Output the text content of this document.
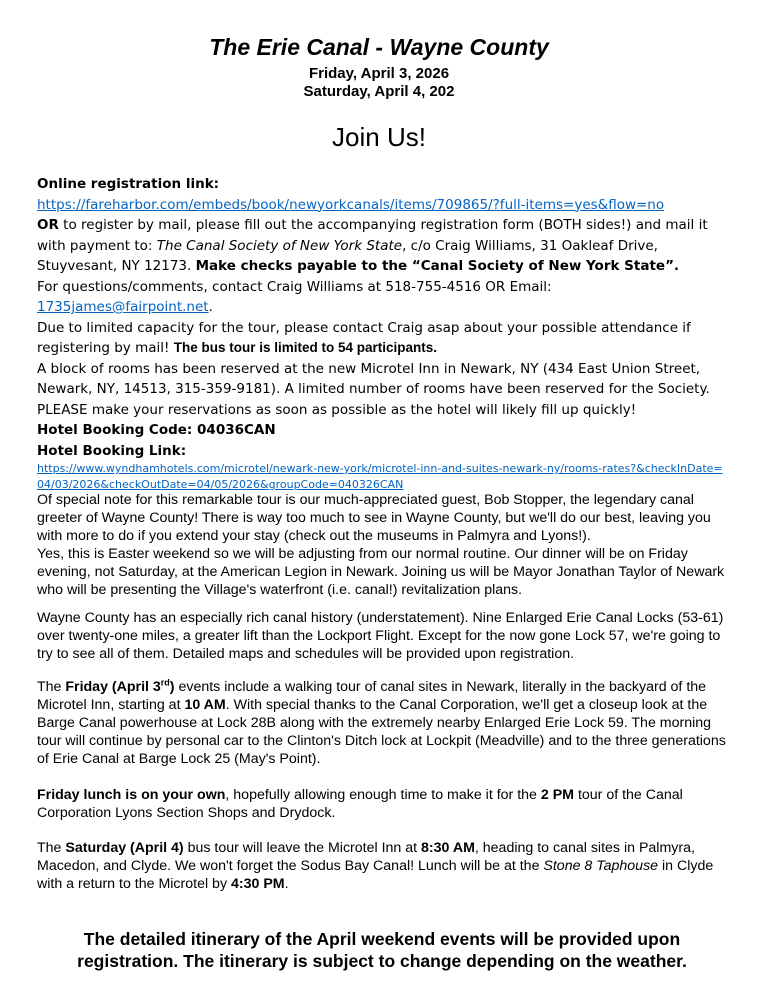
The Erie Canal - Wayne County
Friday, April 3, 2026
Saturday, April 4, 202
Join Us!
Online registration link:
https://fareharbor.com/embeds/book/newyorkcanals/items/709865/?full-items=yes&flow=no
OR to register by mail, please fill out the accompanying registration form (BOTH sides!) and mail it with payment to: The Canal Society of New York State, c/o Craig Williams, 31 Oakleaf Drive, Stuyvesant, NY 12173. Make checks payable to the “Canal Society of New York State”.
For questions/comments, contact Craig Williams at 518-755-4516 OR Email: 1735james@fairpoint.net.
Due to limited capacity for the tour, please contact Craig asap about your possible attendance if registering by mail! The bus tour is limited to 54 participants.
A block of rooms has been reserved at the new Microtel Inn in Newark, NY (434 East Union Street, Newark, NY, 14513, 315-359-9181). A limited number of rooms have been reserved for the Society.
PLEASE make your reservations as soon as possible as the hotel will likely fill up quickly!
Hotel Booking Code: 04036CAN
Hotel Booking Link:
https://www.wyndhamhotels.com/microtel/newark-new-york/microtel-inn-and-suites-newark-ny/rooms-rates?&checkInDate=04/03/2026&checkOutDate=04/05/2026&groupCode=040326CAN

Of special note for this remarkable tour is our much-appreciated guest, Bob Stopper, the legendary canal greeter of Wayne County! There is way too much to see in Wayne County, but we'll do our best, leaving you with more to do if you extend your stay (check out the museums in Palmyra and Lyons!).

Yes, this is Easter weekend so we will be adjusting from our normal routine. Our dinner will be on Friday evening, not Saturday, at the American Legion in Newark. Joining us will be Mayor Jonathan Taylor of Newark who will be presenting the Village's waterfront (i.e. canal!) revitalization plans.

Wayne County has an especially rich canal history (understatement). Nine Enlarged Erie Canal Locks (53-61) over twenty-one miles, a greater lift than the Lockport Flight. Except for the now gone Lock 57, we're going to try to see all of them. Detailed maps and schedules will be provided upon registration.
The Friday (April 3rd) events include a walking tour of canal sites in Newark, literally in the backyard of the Microtel Inn, starting at 10 AM. With special thanks to the Canal Corporation, we'll get a closeup look at the Barge Canal powerhouse at Lock 28B along with the extremely nearby Enlarged Erie Lock 59. The morning tour will continue by personal car to the Clinton's Ditch lock at Lockpit (Meadville) and to the three generations of Erie Canal at Barge Lock 25 (May's Point).
Friday lunch is on your own, hopefully allowing enough time to make it for the 2 PM tour of the Canal Corporation Lyons Section Shops and Drydock.
The Saturday (April 4) bus tour will leave the Microtel Inn at 8:30 AM, heading to canal sites in Palmyra, Macedon, and Clyde. We won't forget the Sodus Bay Canal! Lunch will be at the Stone 8 Taphouse in Clyde with a return to the Microtel by 4:30 PM.
The detailed itinerary of the April weekend events will be provided upon registration. The itinerary is subject to change depending on the weather.
